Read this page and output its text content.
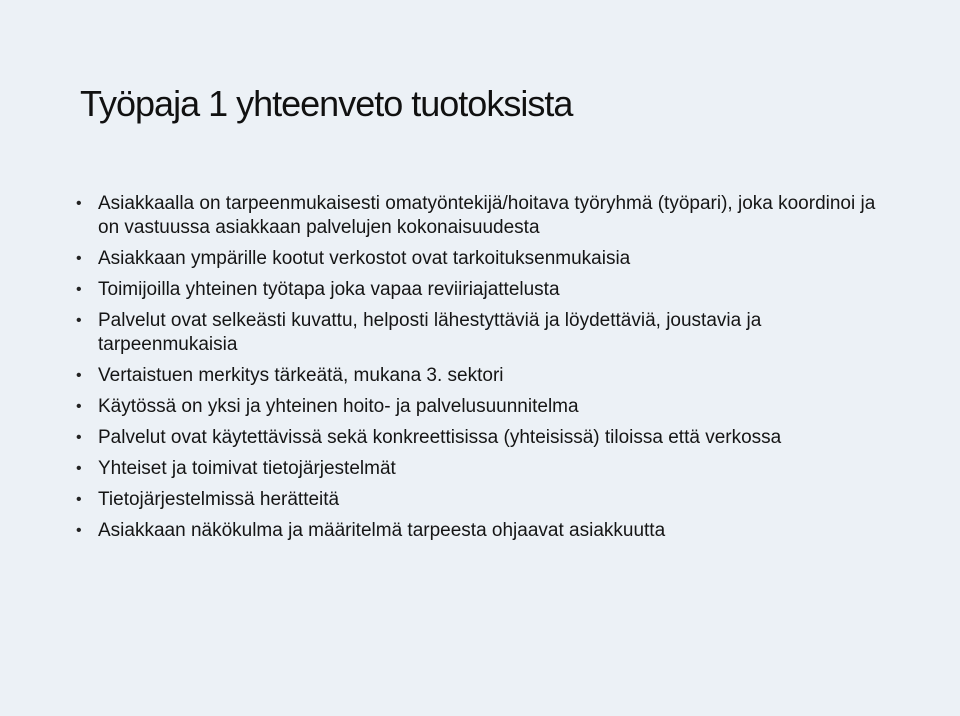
Työpaja 1 yhteenveto tuotoksista
• Asiakkaalla on tarpeenmukaisesti omatyöntekijä/hoitava työryhmä (työpari), joka koordinoi ja on vastuussa asiakkaan palvelujen kokonaisuudesta
• Asiakkaan ympärille kootut verkostot ovat tarkoituksenmukaisia
• Toimijoilla yhteinen työtapa joka vapaa reviiriajattelusta
• Palvelut ovat selkeästi kuvattu, helposti lähestyttäviä ja löydettäviä, joustavia ja tarpeenmukaisia
• Vertaistuen merkitys tärkeätä, mukana 3. sektori
• Käytössä on yksi ja yhteinen hoito- ja palvelusuunnitelma
• Palvelut ovat käytettävissä sekä konkreettisissa (yhteisissä) tiloissa että verkossa
• Yhteiset ja toimivat tietojärjestelmät
• Tietojärjestelmissä herätteitä
• Asiakkaan näkökulma ja määritelmä tarpeesta ohjaavat asiakkuutta
